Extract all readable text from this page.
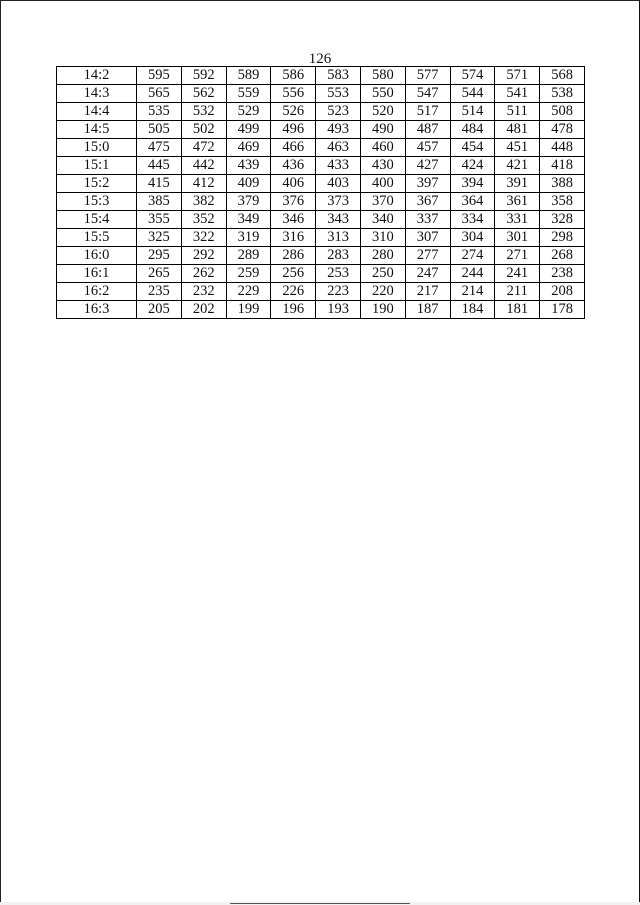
126
14:2	595	592	589	586	583	580	577	574	571	568
14:3	565	562	559	556	553	550	547	544	541	538
14:4	535	532	529	526	523	520	517	514	511	508
14:5	505	502	499	496	493	490	487	484	481	478
15:0	475	472	469	466	463	460	457	454	451	448
15:1	445	442	439	436	433	430	427	424	421	418
15:2	415	412	409	406	403	400	397	394	391	388
15:3	385	382	379	376	373	370	367	364	361	358
15:4	355	352	349	346	343	340	337	334	331	328
15:5	325	322	319	316	313	310	307	304	301	298
16:0	295	292	289	286	283	280	277	274	271	268
16:1	265	262	259	256	253	250	247	244	241	238
16:2	235	232	229	226	223	220	217	214	211	208
16:3	205	202	199	196	193	190	187	184	181	178
